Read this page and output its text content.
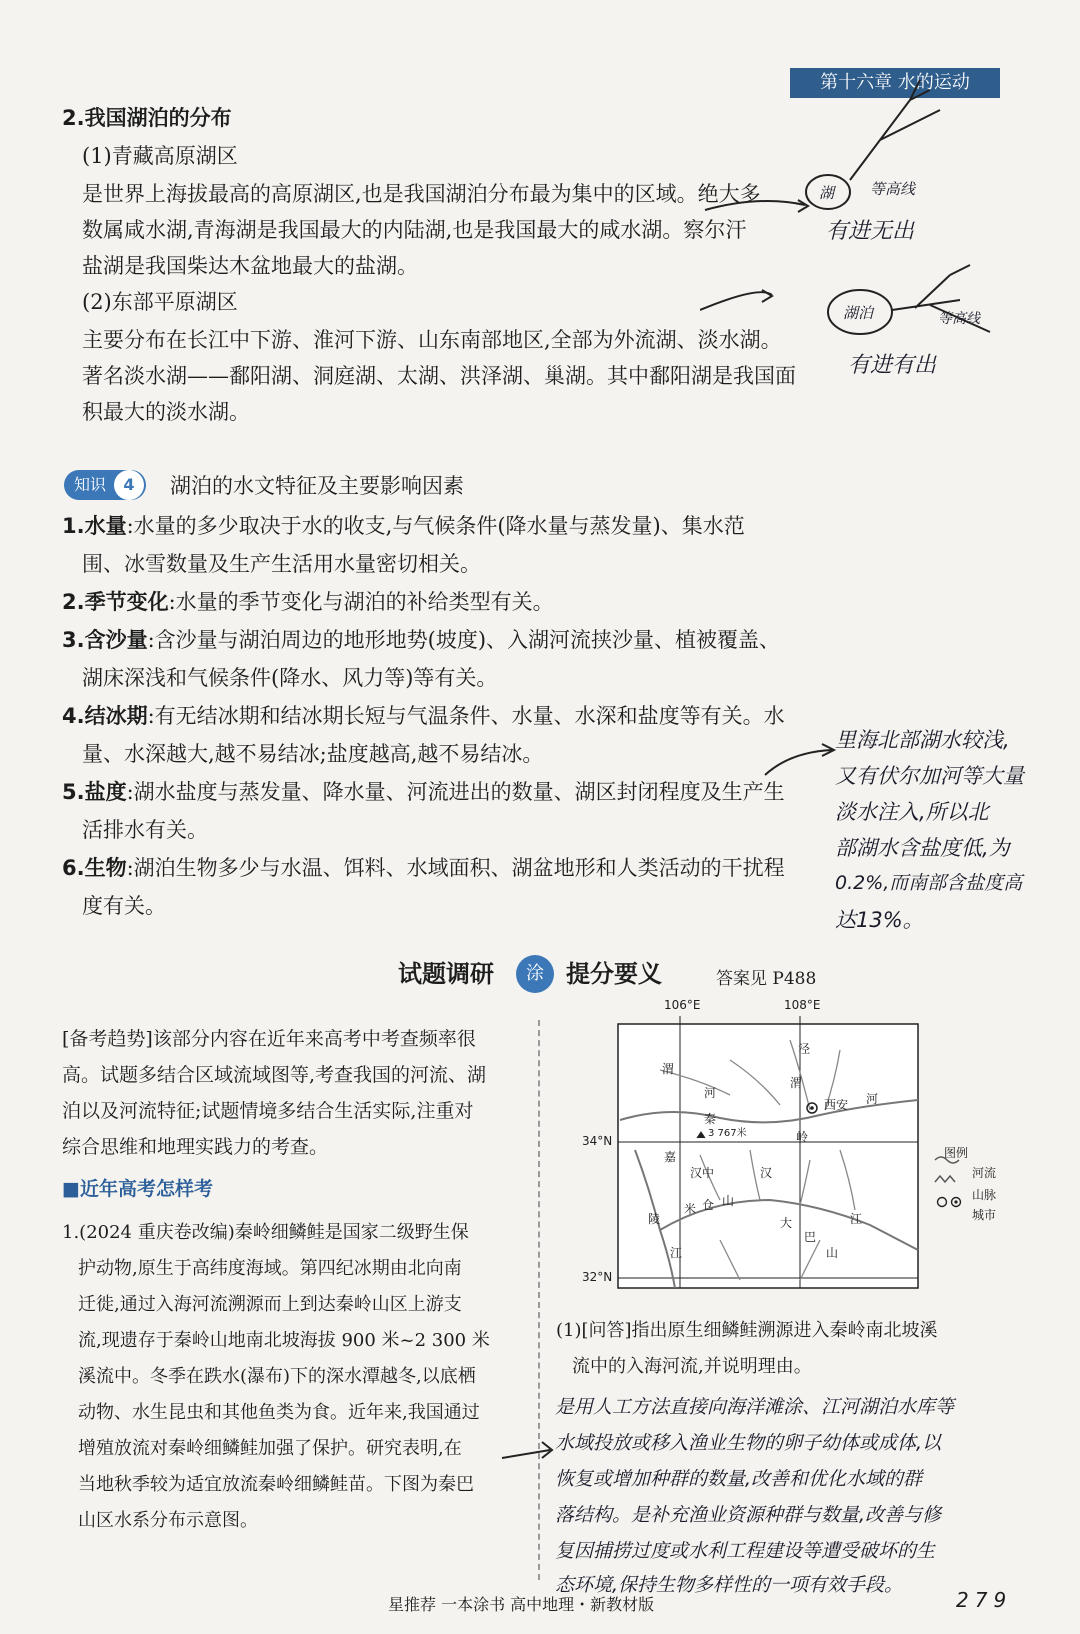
第十六章 水的运动
2.我国湖泊的分布
(1)青藏高原湖区
是世界上海拔最高的高原湖区,也是我国湖泊分布最为集中的区域。绝大多
数属咸水湖,青海湖是我国最大的内陆湖,也是我国最大的咸水湖。察尔汗
盐湖是我国柴达木盆地最大的盐湖。
(2)东部平原湖区
主要分布在长江中下游、淮河下游、山东南部地区,全部为外流湖、淡水湖。
著名淡水湖——鄱阳湖、洞庭湖、太湖、洪泽湖、巢湖。其中鄱阳湖是我国面
积最大的淡水湖。
湖 等高线
有进无出
湖泊	等高线
有进有出
知识	4	湖泊的水文特征及主要影响因素
1.水量:水量的多少取决于水的收支,与气候条件(降水量与蒸发量)、集水范
围、冰雪数量及生产生活用水量密切相关。
2.季节变化:水量的季节变化与湖泊的补给类型有关。
3.含沙量:含沙量与湖泊周边的地形地势(坡度)、入湖河流挟沙量、植被覆盖、
湖床深浅和气候条件(降水、风力等)等有关。
4.结冰期:有无结冰期和结冰期长短与气温条件、水量、水深和盐度等有关。水
量、水深越大,越不易结冰;盐度越高,越不易结冰。
5.盐度:湖水盐度与蒸发量、降水量、河流进出的数量、湖区封闭程度及生产生
活排水有关。
6.生物:湖泊生物多少与水温、饵料、水域面积、湖盆地形和人类活动的干扰程
度有关。
里海北部湖水较浅,
又有伏尔加河等大量
淡水注入,所以北
部湖水含盐度低,为
0.2%,而南部含盐度高
达13%。
试题调研	涂 提分要义	答案见 P488
[备考趋势]该部分内容在近年来高考中考查频率很
高。试题多结合区域流域图等,考查我国的河流、湖
泊以及河流特征;试题情境多结合生活实际,注重对
综合思维和地理实践力的考查。
■近年高考怎样考
1.(2024 重庆卷改编)秦岭细鳞鲑是国家二级野生保
护动物,原生于高纬度海域。第四纪冰期由北向南
迁徙,通过入海河流溯源而上到达秦岭山区上游支
流,现遗存于秦岭山地南北坡海拔 900 米~2 300 米
溪流中。冬季在跌水(瀑布)下的深水潭越冬,以底栖
动物、水生昆虫和其他鱼类为食。近年来,我国通过
增殖放流对秦岭细鳞鲑加强了保护。研究表明,在
当地秋季较为适宜放流秦岭细鳞鲑苗。下图为秦巴
山区水系分布示意图。
106°E	108°E
34°N
32°N
西安
3 767米
泾
河
渭
河
渭
秦
岭
汉中	汉
嘉
陵
江
米 仓 山
大
巴
山
江
图例
河流
山脉
城市
(1)[问答]指出原生细鳞鲑溯源进入秦岭南北坡溪
流中的入海河流,并说明理由。
是用人工方法直接向海洋滩涂、江河湖泊水库等
水域投放或移入渔业生物的卵子幼体或成体,以
恢复或增加种群的数量,改善和优化水域的群
落结构。是补充渔业资源种群与数量,改善与修
复因捕捞过度或水利工程建设等遭受破坏的生
态环境,保持生物多样性的一项有效手段。
星推荐 一本涂书 高中地理・新教材版	279
